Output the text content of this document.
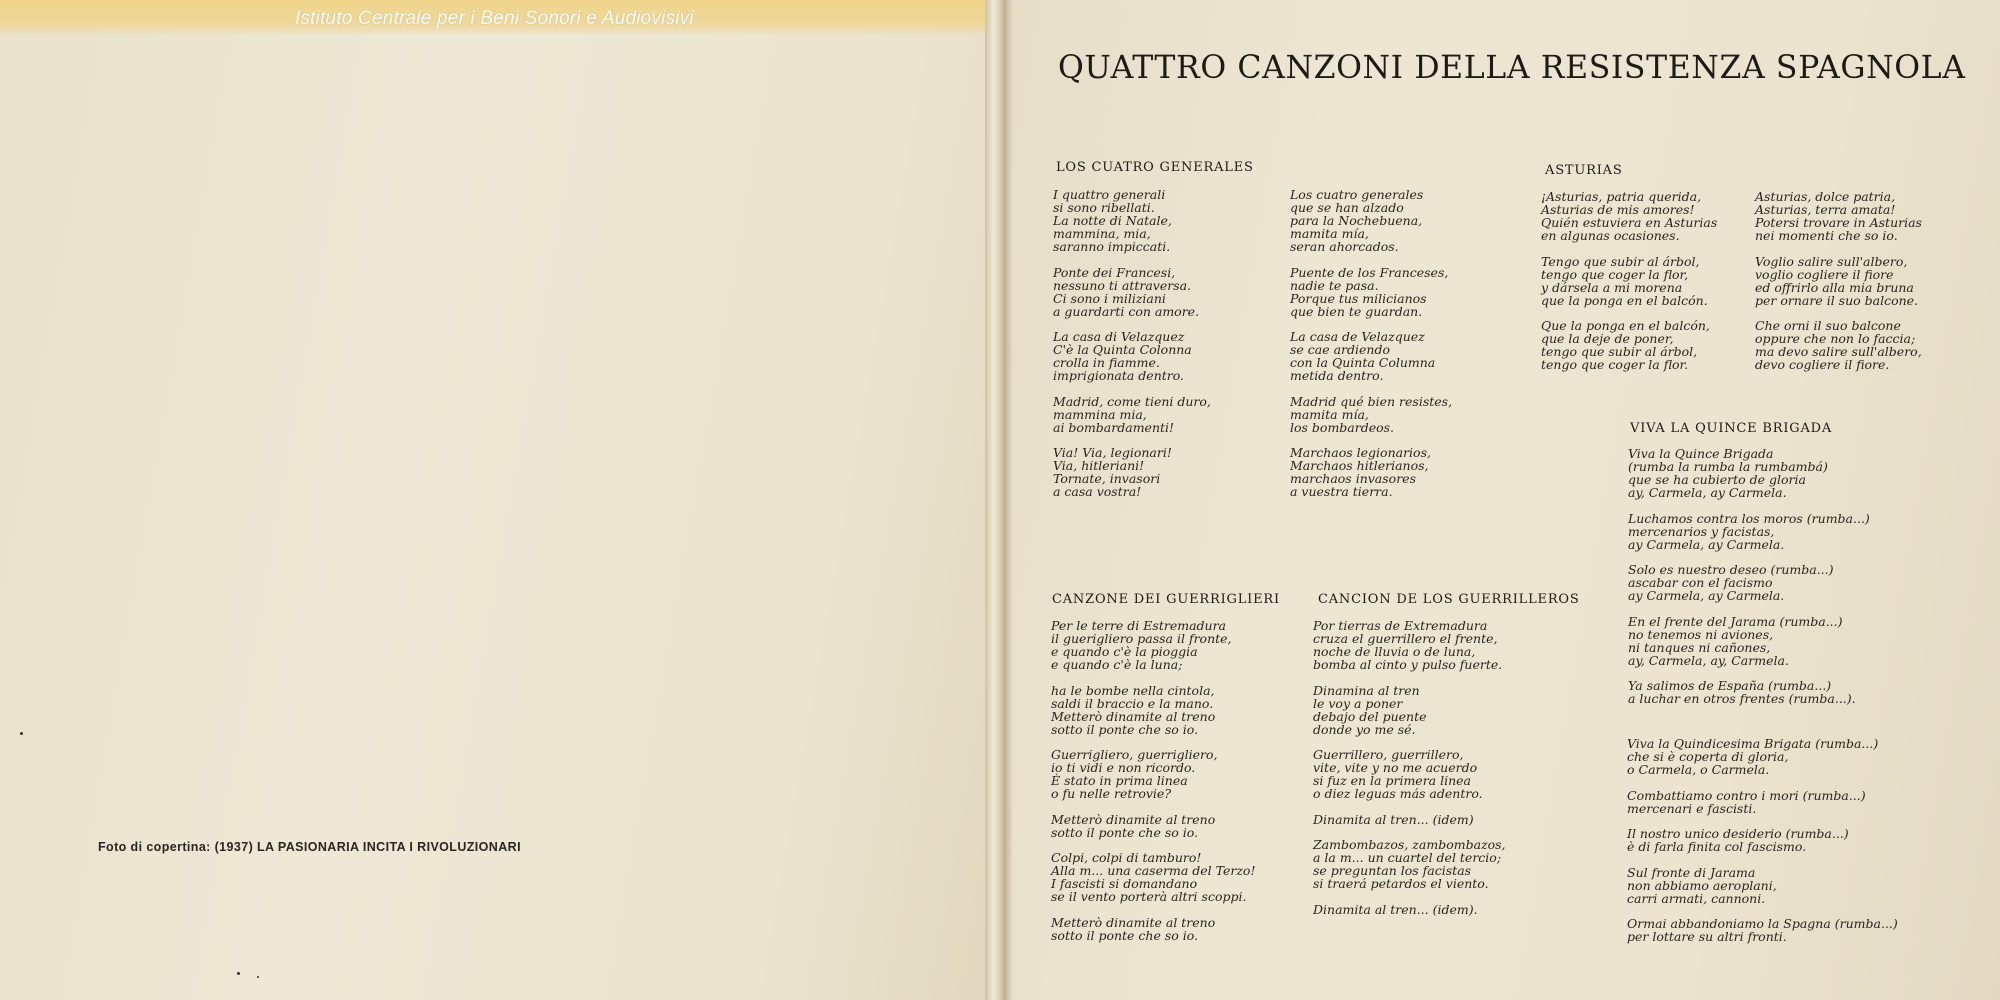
Istituto Centrale per i Beni Sonori e Audiovisivi
Foto di copertina: (1937) LA PASIONARIA INCITA I RIVOLUZIONARI
QUATTRO CANZONI DELLA RESISTENZA SPAGNOLA
LOS CUATRO GENERALES

I quattro generali
si sono ribellati.
La notte di Natale,
mammina, mia,
saranno impiccati.

Ponte dei Francesi,
nessuno ti attraversa.
Ci sono i miliziani
a guardarti con amore.

La casa di Velazquez
C'è la Quinta Colonna
crolla in fiamme.
imprigionata dentro.

Madrid, come tieni duro,
mammina mia,
ai bombardamenti!

Via! Via, legionari!
Via, hitleriani!
Tornate, invasori
a casa vostra!

Los cuatro generales
que se han alzado
para la Nochebuena,
mamita mía,
seran ahorcados.

Puente de los Franceses,
nadie te pasa.
Porque tus milicianos
que bien te guardan.

La casa de Velazquez
se cae ardiendo
con la Quinta Columna
metida dentro.

Madrid qué bien resistes,
mamita mía,
los bombardeos.

Marchaos legionarios,
Marchaos hitlerianos,
marchaos invasores
a vuestra tierra.

ASTURIAS

¡Asturias, patria querida,
Asturias de mis amores!
Quién estuviera en Asturias
en algunas ocasiones.

Tengo que subir al árbol,
tengo que coger la flor,
y dársela a mi morena
que la ponga en el balcón.

Que la ponga en el balcón,
que la deje de poner,
tengo que subir al árbol,
tengo que coger la flor.

Asturias, dolce patria,
Asturias, terra amata!
Potersi trovare in Asturias
nei momenti che so io.

Voglio salire sull'albero,
voglio cogliere il fiore
ed offrirlo alla mia bruna
per ornare il suo balcone.

Che orni il suo balcone
oppure che non lo faccia;
ma devo salire sull'albero,
devo cogliere il fiore.

VIVA LA QUINCE BRIGADA

Viva la Quince Brigada
(rumba la rumba la rumbambá)
que se ha cubierto de gloria
ay, Carmela, ay Carmela.

Luchamos contra los moros (rumba...)
mercenarios y facistas,
ay Carmela, ay Carmela.

Solo es nuestro deseo (rumba...)
ascabar con el facismo
ay Carmela, ay Carmela.

En el frente del Jarama (rumba...)
no tenemos ni aviones,
ni tanques ni cañones,
ay, Carmela, ay, Carmela.

Ya salimos de España (rumba...)
a luchar en otros frentes (rumba...).

Viva la Quindicesima Brigata (rumba...)
che si è coperta di gloria,
o Carmela, o Carmela.

Combattiamo contro i mori (rumba...)
mercenari e fascisti.

Il nostro unico desiderio (rumba...)
è di farla finita col fascismo.

Sul fronte di Jarama
non abbiamo aeroplani,
carri armati, cannoni.

Ormai abbandoniamo la Spagna (rumba...)
per lottare su altri fronti.

CANZONE DEI GUERRIGLIERI

Per le terre di Estremadura
il guerigliero passa il fronte,
e quando c'è la pioggia
e quando c'è la luna;

ha le bombe nella cintola,
saldi il braccio e la mano.
Metterò dinamite al treno
sotto il ponte che so io.

Guerrigliero, guerrigliero,
io ti vidi e non ricordo.
È stato in prima linea
o fu nelle retrovie?

Metterò dinamite al treno
sotto il ponte che so io.

Colpi, colpi di tamburo!
Alla m... una caserma del Terzo!
I fascisti si domandano
se il vento porterà altri scoppi.

Metterò dinamite al treno
sotto il ponte che so io.

CANCION DE LOS GUERRILLEROS

Por tierras de Extremadura
cruza el guerrillero el frente,
noche de lluvia o de luna,
bomba al cinto y pulso fuerte.

Dinamina al tren
le voy a poner
debajo del puente
donde yo me sé.

Guerrillero, guerrillero,
vite, vite y no me acuerdo
si fuz en la primera linea
o diez leguas más adentro.

Dinamita al tren... (idem)

Zambombazos, zambombazos,
a la m... un cuartel del tercio;
se preguntan los facistas
si traerá petardos el viento.

Dinamita al tren... (idem).
